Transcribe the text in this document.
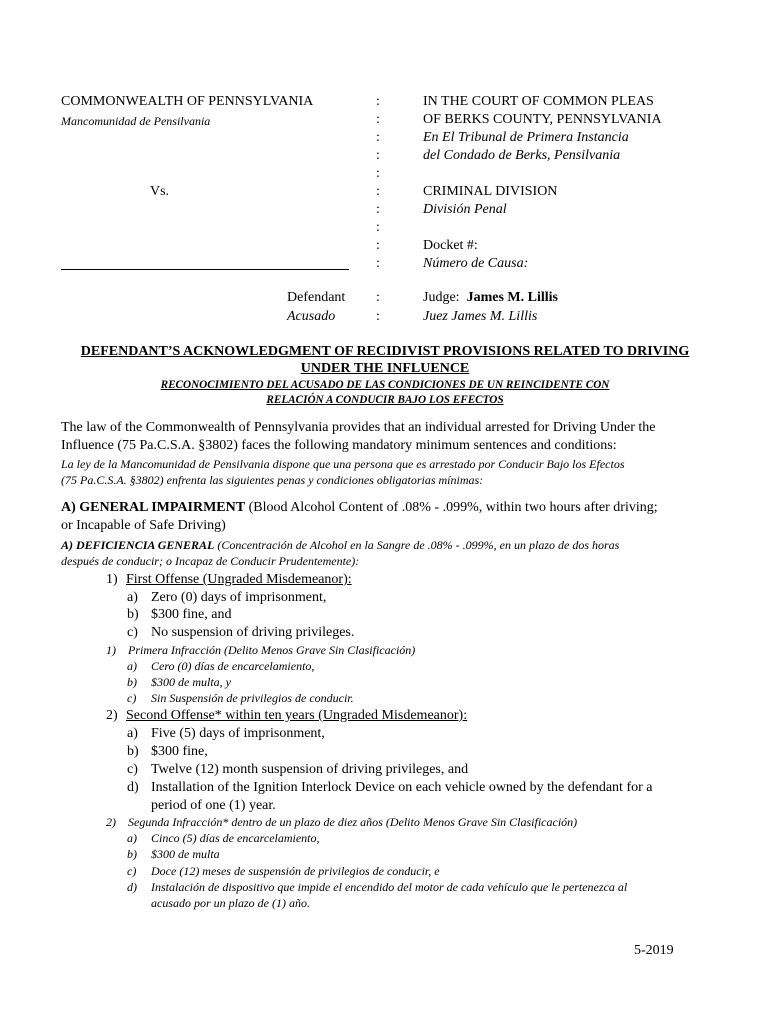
COMMONWEALTH OF PENNSYLVANIA
Mancomunidad de Pensilvania
Vs.
Defendant
Acusado
:
:
:
:
:
:
:
:
:
:
:
:
IN THE COURT OF COMMON PLEAS
OF BERKS COUNTY, PENNSYLVANIA
En El Tribunal de Primera Instancia
del Condado de Berks, Pensilvania
CRIMINAL DIVISION
División Penal
Docket #:
Número de Causa:
Judge: James M. Lillis
Juez James M. Lillis
DEFENDANT’S ACKNOWLEDGMENT OF RECIDIVIST PROVISIONS RELATED TO DRIVING
UNDER THE INFLUENCE
RECONOCIMIENTO DEL ACUSADO DE LAS CONDICIONES DE UN REINCIDENTE CON
RELACIÓN A CONDUCIR BAJO LOS EFECTOS
The law of the Commonwealth of Pennsylvania provides that an individual arrested for Driving Under the
Influence (75 Pa.C.S.A. §3802) faces the following mandatory minimum sentences and conditions:
La ley de la Mancomunidad de Pensilvania dispone que una persona que es arrestado por Conducir Bajo los Efectos
(75 Pa.C.S.A. §3802) enfrenta las siguientes penas y condiciones obligatorias mínimas:
A) GENERAL IMPAIRMENT (Blood Alcohol Content of .08% - .099%, within two hours after driving;
or Incapable of Safe Driving)
A) DEFICIENCIA GENERAL (Concentración de Alcohol en la Sangre de .08% - .099%, en un plazo de dos horas
después de conducir; o Incapaz de Conducir Prudentemente):
1) First Offense (Ungraded Misdemeanor):
a) Zero (0) days of imprisonment,
b) $300 fine, and
c) No suspension of driving privileges.
1) Primera Infracción (Delito Menos Grave Sin Clasificación)
a) Cero (0) días de encarcelamiento,
b) $300 de multa, y
c) Sin Suspensión de privilegios de conducir.
2) Second Offense* within ten years (Ungraded Misdemeanor):
a) Five (5) days of imprisonment,
b) $300 fine,
c) Twelve (12) month suspension of driving privileges, and
d) Installation of the Ignition Interlock Device on each vehicle owned by the defendant for a
period of one (1) year.
2) Segunda Infracción* dentro de un plazo de diez años (Delito Menos Grave Sin Clasificación)
a) Cinco (5) días de encarcelamiento,
b) $300 de multa
c) Doce (12) meses de suspensión de privilegios de conducir, e
d) Instalación de dispositivo que impide el encendido del motor de cada vehículo que le pertenezca al
acusado por un plazo de (1) año.
5-2019
